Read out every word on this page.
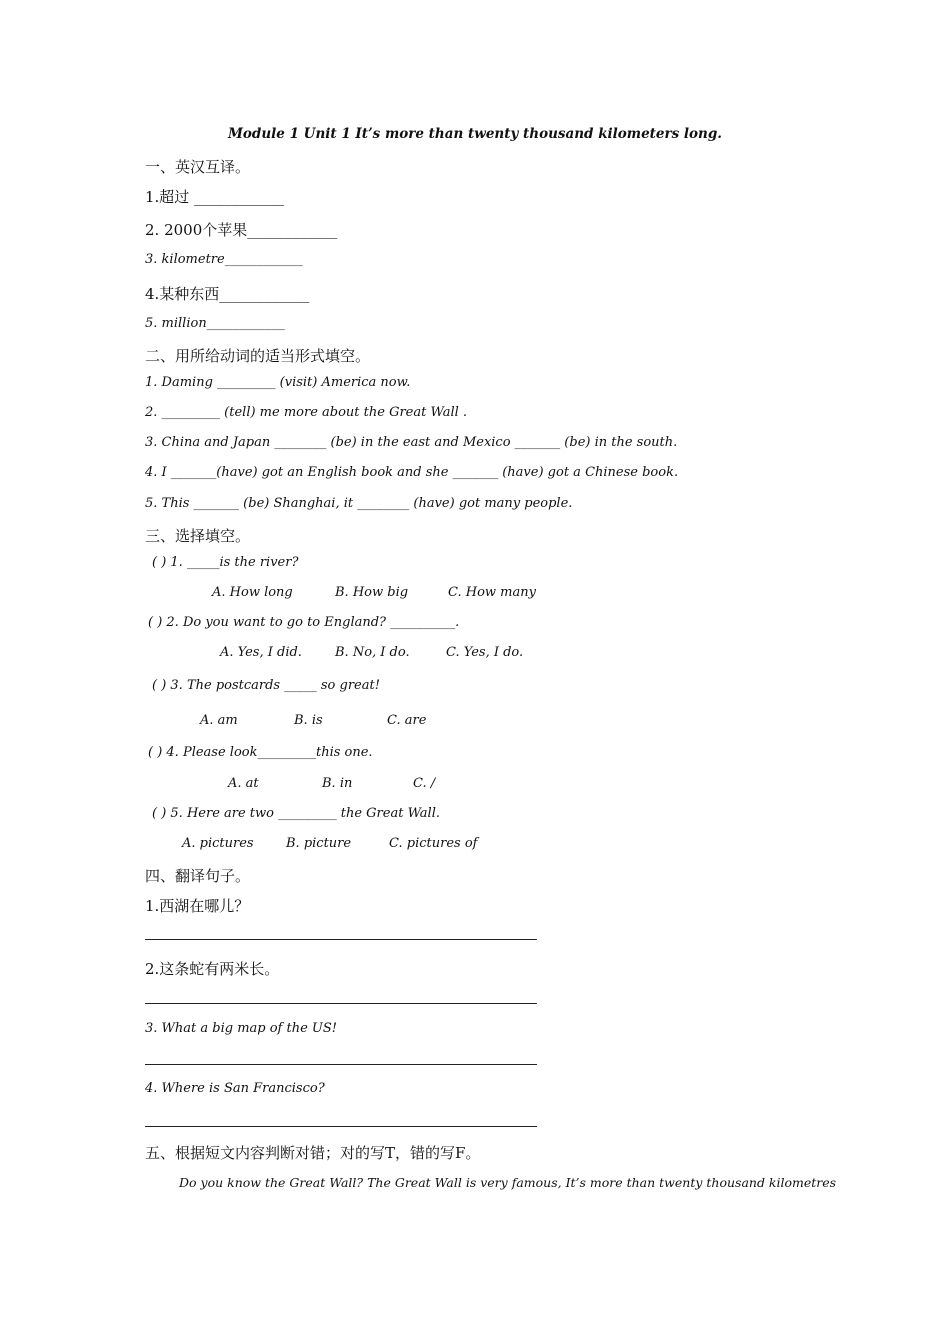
Module 1 Unit 1 It’s more than twenty thousand kilometers long.
一、英汉互译。
1.超过 ____________
2. 2000个苹果____________
3. kilometre____________
4.某种东西____________
5. million____________
二、用所给动词的适当形式填空。
1. Daming _________ (visit) America now.
2. _________ (tell) me more about the Great Wall .
3. China and Japan ________ (be) in the east and Mexico _______ (be) in the south.
4. I _______(have) got an English book and she _______ (have) got a Chinese book.
5. This _______ (be) Shanghai, it ________ (have) got many people.
三、选择填空。
( ) 1. _____is the river?
A. How long	B. How big	C. How many
( ) 2. Do you want to go to England? __________.
A. Yes, I did.	B. No, I do.	C. Yes, I do.
( ) 3. The postcards _____ so great!
A. am	B. is	C. are
( ) 4. Please look_________this one.
A. at	B. in	C. /
( ) 5. Here are two _________ the Great Wall.
A. pictures B. picture	C. pictures of
四、翻译句子。
1.西湖在哪儿？
2.这条蛇有两米长。
3. What a big map of the US!
4. Where is San Francisco?
五、根据短文内容判断对错；对的写T，错的写F。
Do you know the Great Wall? The Great Wall is very famous, It’s more than twenty thousand kilometres
